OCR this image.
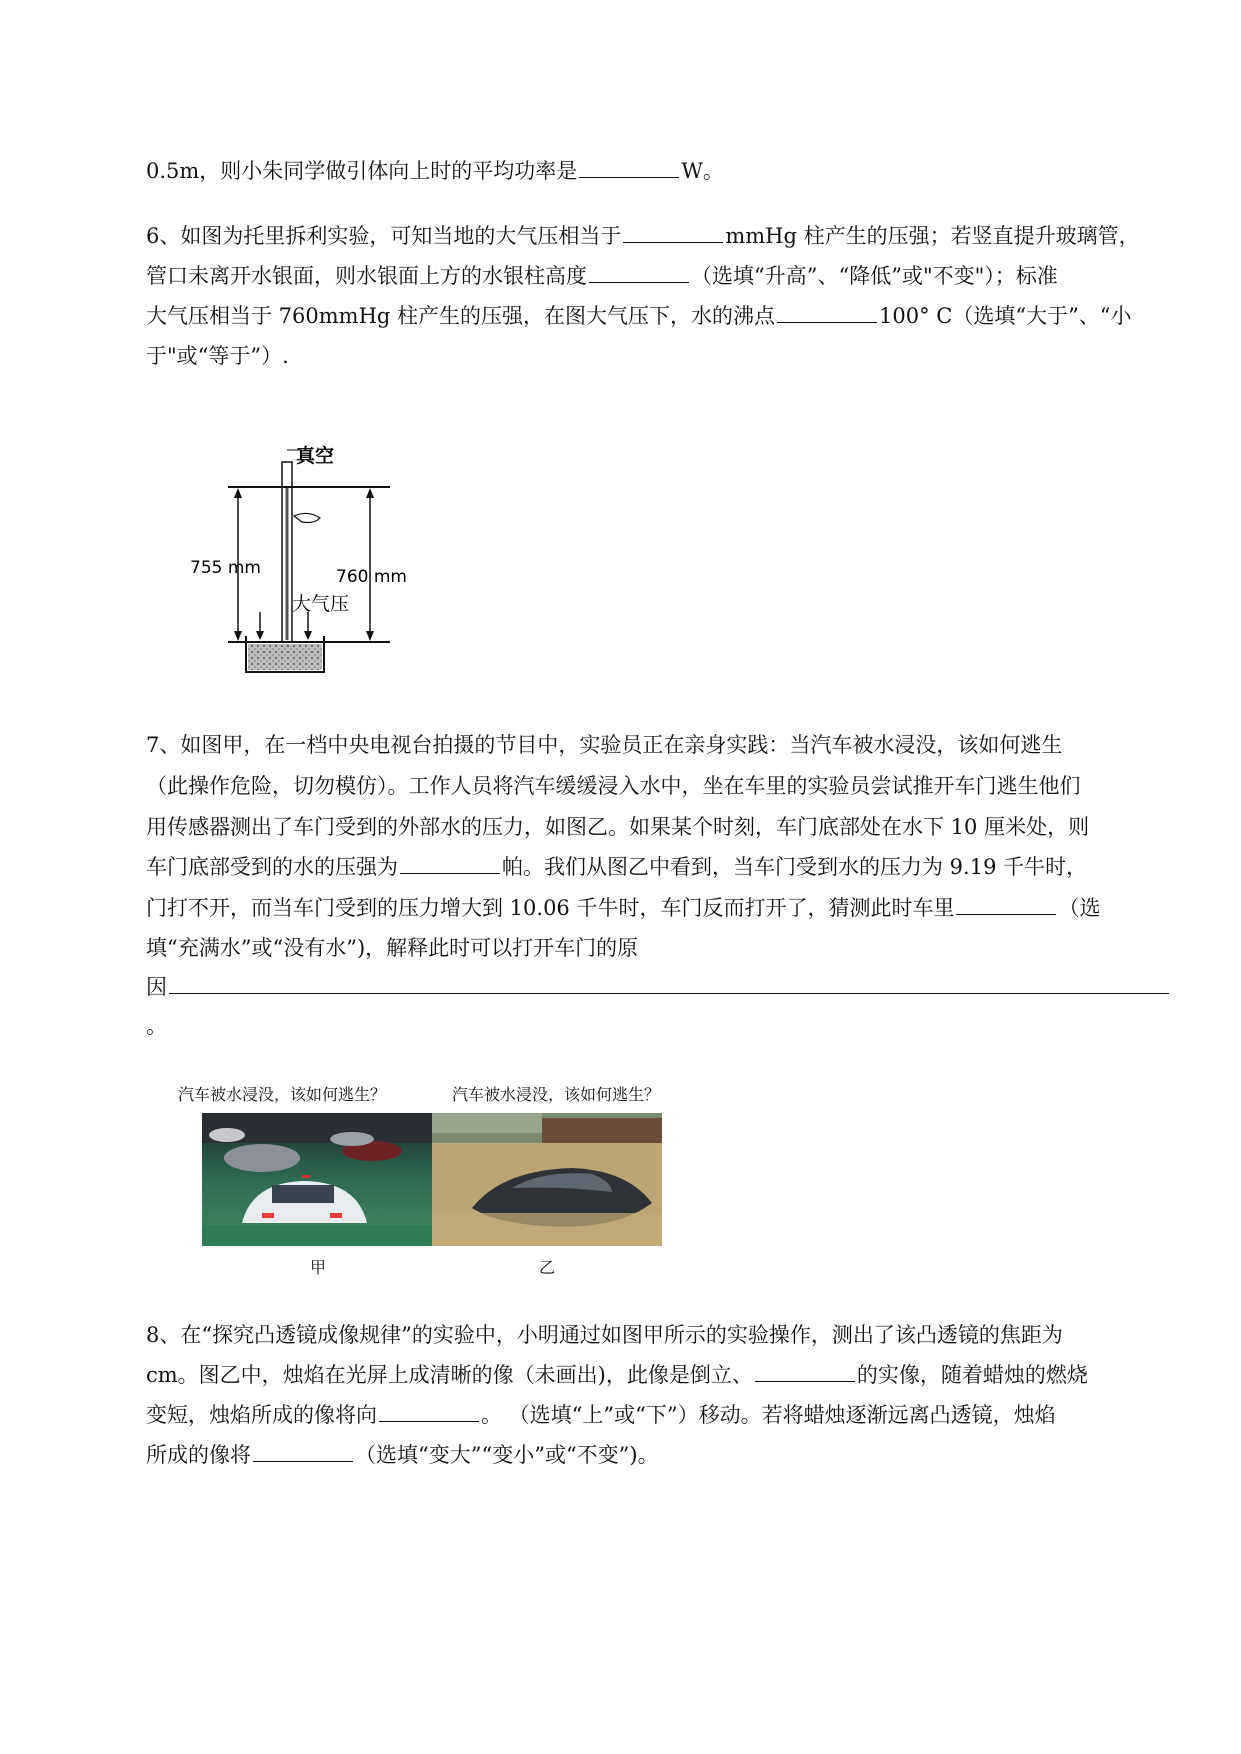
0.5m，则小朱同学做引体向上时的平均功率是	W。
6、如图为托里拆利实验，可知当地的大气压相当于	mmHg 柱产生的压强；若竖直提升玻璃管，
管口未离开水银面，则水银面上方的水银柱高度	（选填“升高”、“降低”或"不变"）；标准
大气压相当于 760mmHg 柱产生的压强，在图大气压下，水的沸点	100° C（选填“大于”、“小
于"或“等于”）.
真空
755 mm	760 mm
大气压
7、如图甲，在一档中央电视台拍摄的节目中，实验员正在亲身实践：当汽车被水浸没，该如何逃生
（此操作危险，切勿模仿）。工作人员将汽车缓缓浸入水中，坐在车里的实验员尝试推开车门逃生他们
用传感器测出了车门受到的外部水的压力，如图乙。如果某个时刻，车门底部处在水下 10 厘米处，则
车门底部受到的水的压强为	帕。我们从图乙中看到，当车门受到水的压力为 9.19 千牛时，
门打不开，而当车门受到的压力增大到 10.06 千牛时，车门反而打开了，猜测此时车里	（选
填“充满水”或“没有水”)，解释此时可以打开车门的原
因
。
汽车被水浸没，该如何逃生？	汽车被水浸没，该如何逃生？
甲	乙
8、在“探究凸透镜成像规律”的实验中，小明通过如图甲所示的实验操作，测出了该凸透镜的焦距为
cm。图乙中，烛焰在光屏上成清晰的像（未画出)，此像是倒立、	的实像，随着蜡烛的燃烧
变短，烛焰所成的像将向	。 （选填“上”或“下”）移动。若将蜡烛逐渐远离凸透镜，烛焰
所成的像将	（选填“变大”“变小”或“不变”)。
